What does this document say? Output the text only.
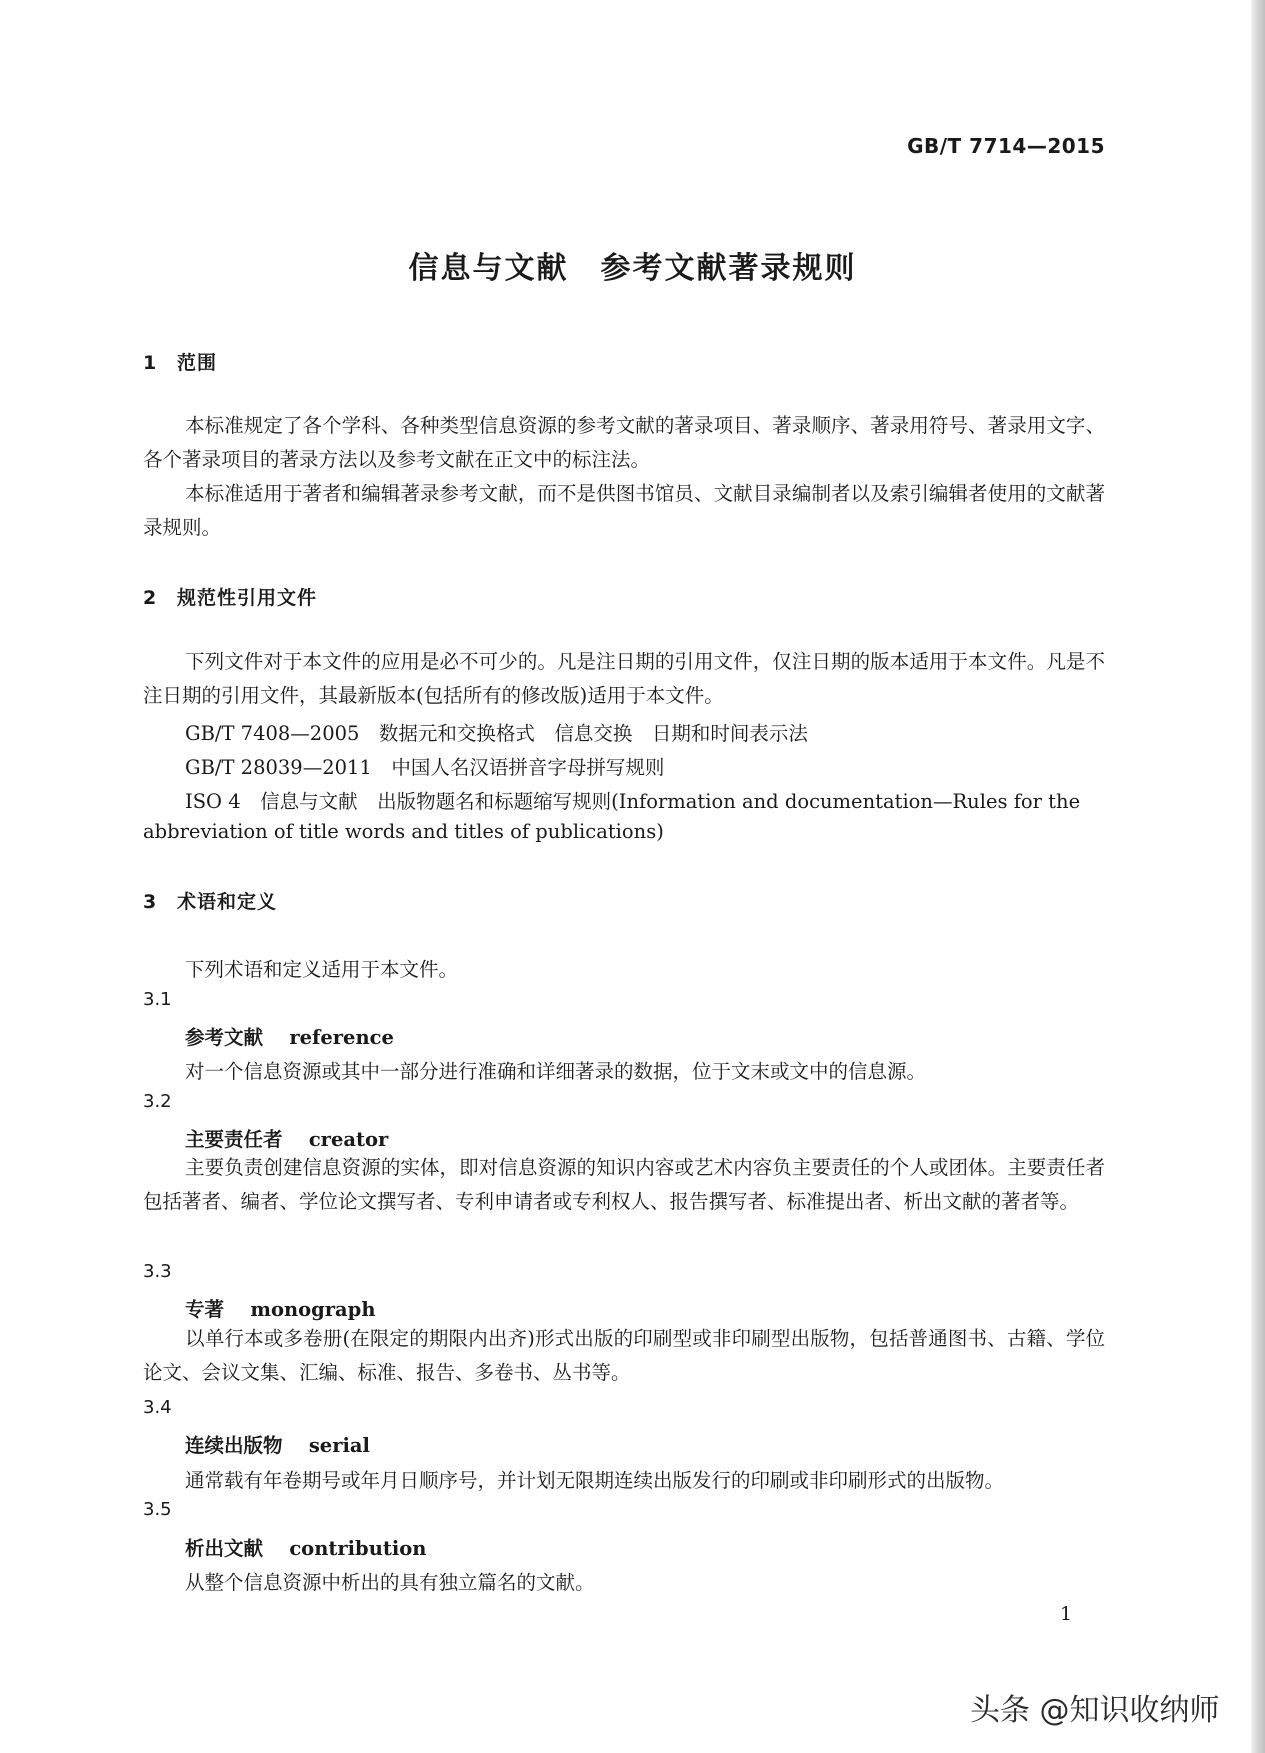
GB/T 7714—2015
信息与文献　参考文献著录规则
1 范围
本标准规定了各个学科、各种类型信息资源的参考文献的著录项目、著录顺序、著录用符号、著录用文字、各个著录项目的著录方法以及参考文献在正文中的标注法。
本标准适用于著者和编辑著录参考文献，而不是供图书馆员、文献目录编制者以及索引编辑者使用的文献著录规则。
2 规范性引用文件
下列文件对于本文件的应用是必不可少的。凡是注日期的引用文件，仅注日期的版本适用于本文件。凡是不注日期的引用文件，其最新版本(包括所有的修改版)适用于本文件。
GB/T 7408—2005　数据元和交换格式　信息交换　日期和时间表示法
GB/T 28039—2011　中国人名汉语拼音字母拼写规则
ISO 4　信息与文献　出版物题名和标题缩写规则(Information and documentation—Rules for the
abbreviation of title words and titles of publications)
3 术语和定义
下列术语和定义适用于本文件。
3.1
参考文献　 reference
对一个信息资源或其中一部分进行准确和详细著录的数据，位于文末或文中的信息源。
3.2
主要责任者　 creator
主要负责创建信息资源的实体，即对信息资源的知识内容或艺术内容负主要责任的个人或团体。主要责任者包括著者、编者、学位论文撰写者、专利申请者或专利权人、报告撰写者、标准提出者、析出文献的著者等。
3.3
专著　 monograph
以单行本或多卷册(在限定的期限内出齐)形式出版的印刷型或非印刷型出版物，包括普通图书、古籍、学位论文、会议文集、汇编、标准、报告、多卷书、丛书等。
3.4
连续出版物　 serial
通常载有年卷期号或年月日顺序号，并计划无限期连续出版发行的印刷或非印刷形式的出版物。
3.5
析出文献　 contribution
从整个信息资源中析出的具有独立篇名的文献。
1
头条 @知识收纳师
